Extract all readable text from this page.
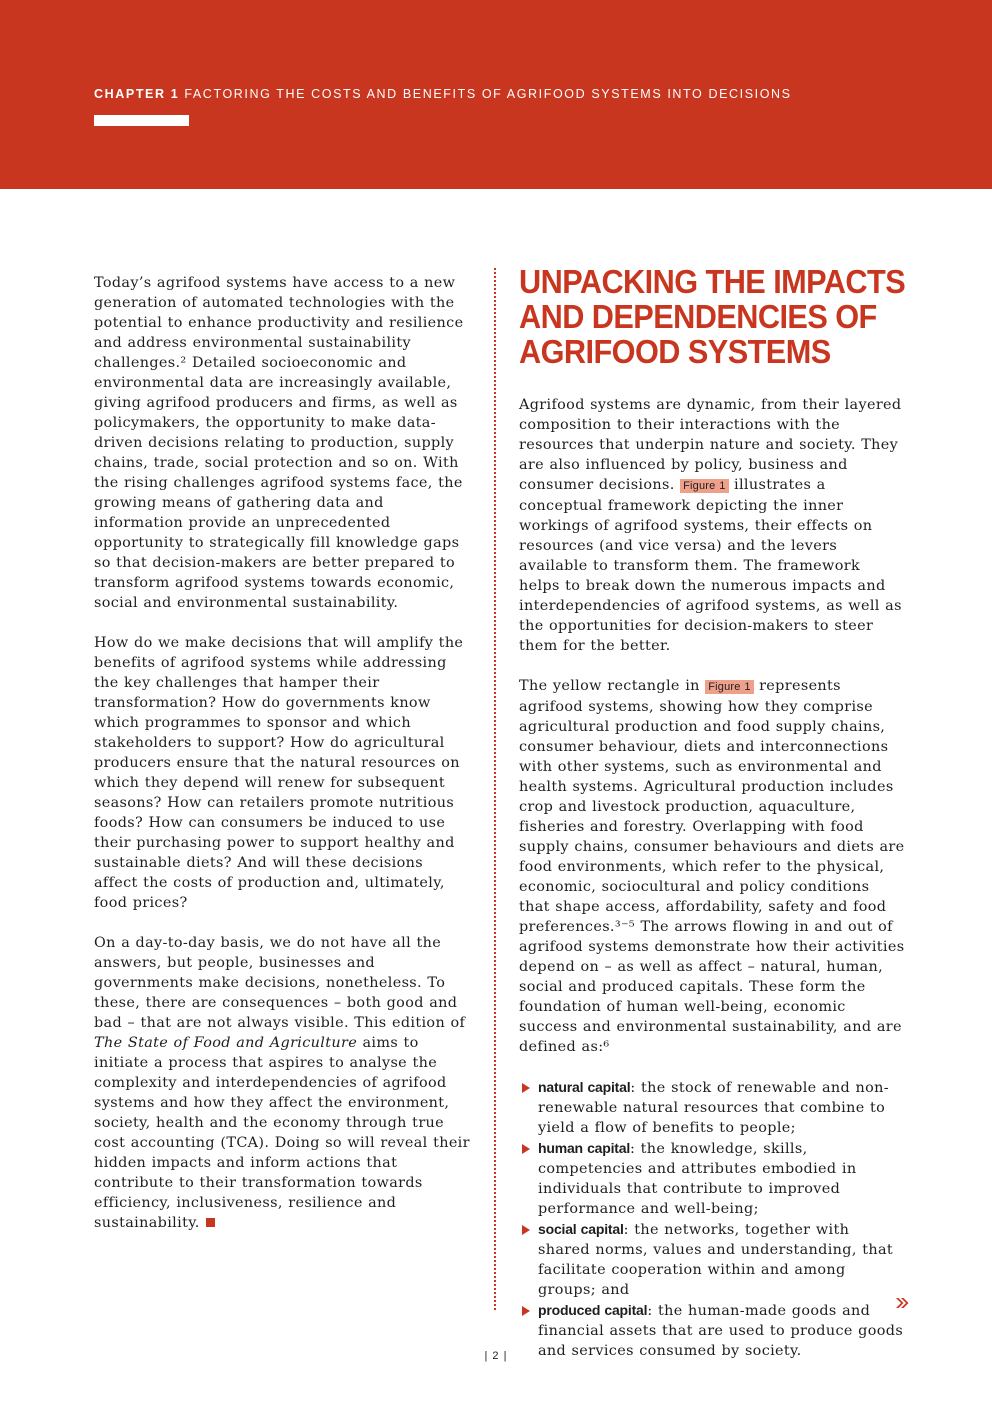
CHAPTER 1 FACTORING THE COSTS AND BENEFITS OF AGRIFOOD SYSTEMS INTO DECISIONS

Today’s agrifood systems have access to a new generation of automated technologies with the potential to enhance productivity and resilience and address environmental sustainability challenges.² Detailed socioeconomic and environmental data are increasingly available, giving agrifood producers and firms, as well as policymakers, the opportunity to make data-driven decisions relating to production, supply chains, trade, social protection and so on. With the rising challenges agrifood systems face, the growing means of gathering data and information provide an unprecedented opportunity to strategically fill knowledge gaps so that decision-makers are better prepared to transform agrifood systems towards economic, social and environmental sustainability.

How do we make decisions that will amplify the benefits of agrifood systems while addressing the key challenges that hamper their transformation? How do governments know which programmes to sponsor and which stakeholders to support? How do agricultural producers ensure that the natural resources on which they depend will renew for subsequent seasons? How can retailers promote nutritious foods? How can consumers be induced to use their purchasing power to support healthy and sustainable diets? And will these decisions affect the costs of production and, ultimately, food prices?

On a day-to-day basis, we do not have all the answers, but people, businesses and governments make decisions, nonetheless. To these, there are consequences – both good and bad – that are not always visible. This edition of The State of Food and Agriculture aims to initiate a process that aspires to analyse the complexity and interdependencies of agrifood systems and how they affect the environment, society, health and the economy through true cost accounting (TCA). Doing so will reveal their hidden impacts and inform actions that contribute to their transformation towards efficiency, inclusiveness, resilience and sustainability.

UNPACKING THE IMPACTS AND DEPENDENCIES OF AGRIFOOD SYSTEMS

Agrifood systems are dynamic, from their layered composition to their interactions with the resources that underpin nature and society. They are also influenced by policy, business and consumer decisions. Figure 1 illustrates a conceptual framework depicting the inner workings of agrifood systems, their effects on resources (and vice versa) and the levers available to transform them. The framework helps to break down the numerous impacts and interdependencies of agrifood systems, as well as the opportunities for decision-makers to steer them for the better.

The yellow rectangle in Figure 1 represents agrifood systems, showing how they comprise agricultural production and food supply chains, consumer behaviour, diets and interconnections with other systems, such as environmental and health systems. Agricultural production includes crop and livestock production, aquaculture, fisheries and forestry. Overlapping with food supply chains, consumer behaviours and diets are food environments, which refer to the physical, economic, sociocultural and policy conditions that shape access, affordability, safety and food preferences.³⁻⁵ The arrows flowing in and out of agrifood systems demonstrate how their activities depend on – as well as affect – natural, human, social and produced capitals. These form the foundation of human well-being, economic success and environmental sustainability, and are defined as:⁶

natural capital: the stock of renewable and non-renewable natural resources that combine to yield a flow of benefits to people;
human capital: the knowledge, skills, competencies and attributes embodied in individuals that contribute to improved performance and well-being;
social capital: the networks, together with shared norms, values and understanding, that facilitate cooperation within and among groups; and
produced capital: the human-made goods and financial assets that are used to produce goods and services consumed by society.
| 2 |
